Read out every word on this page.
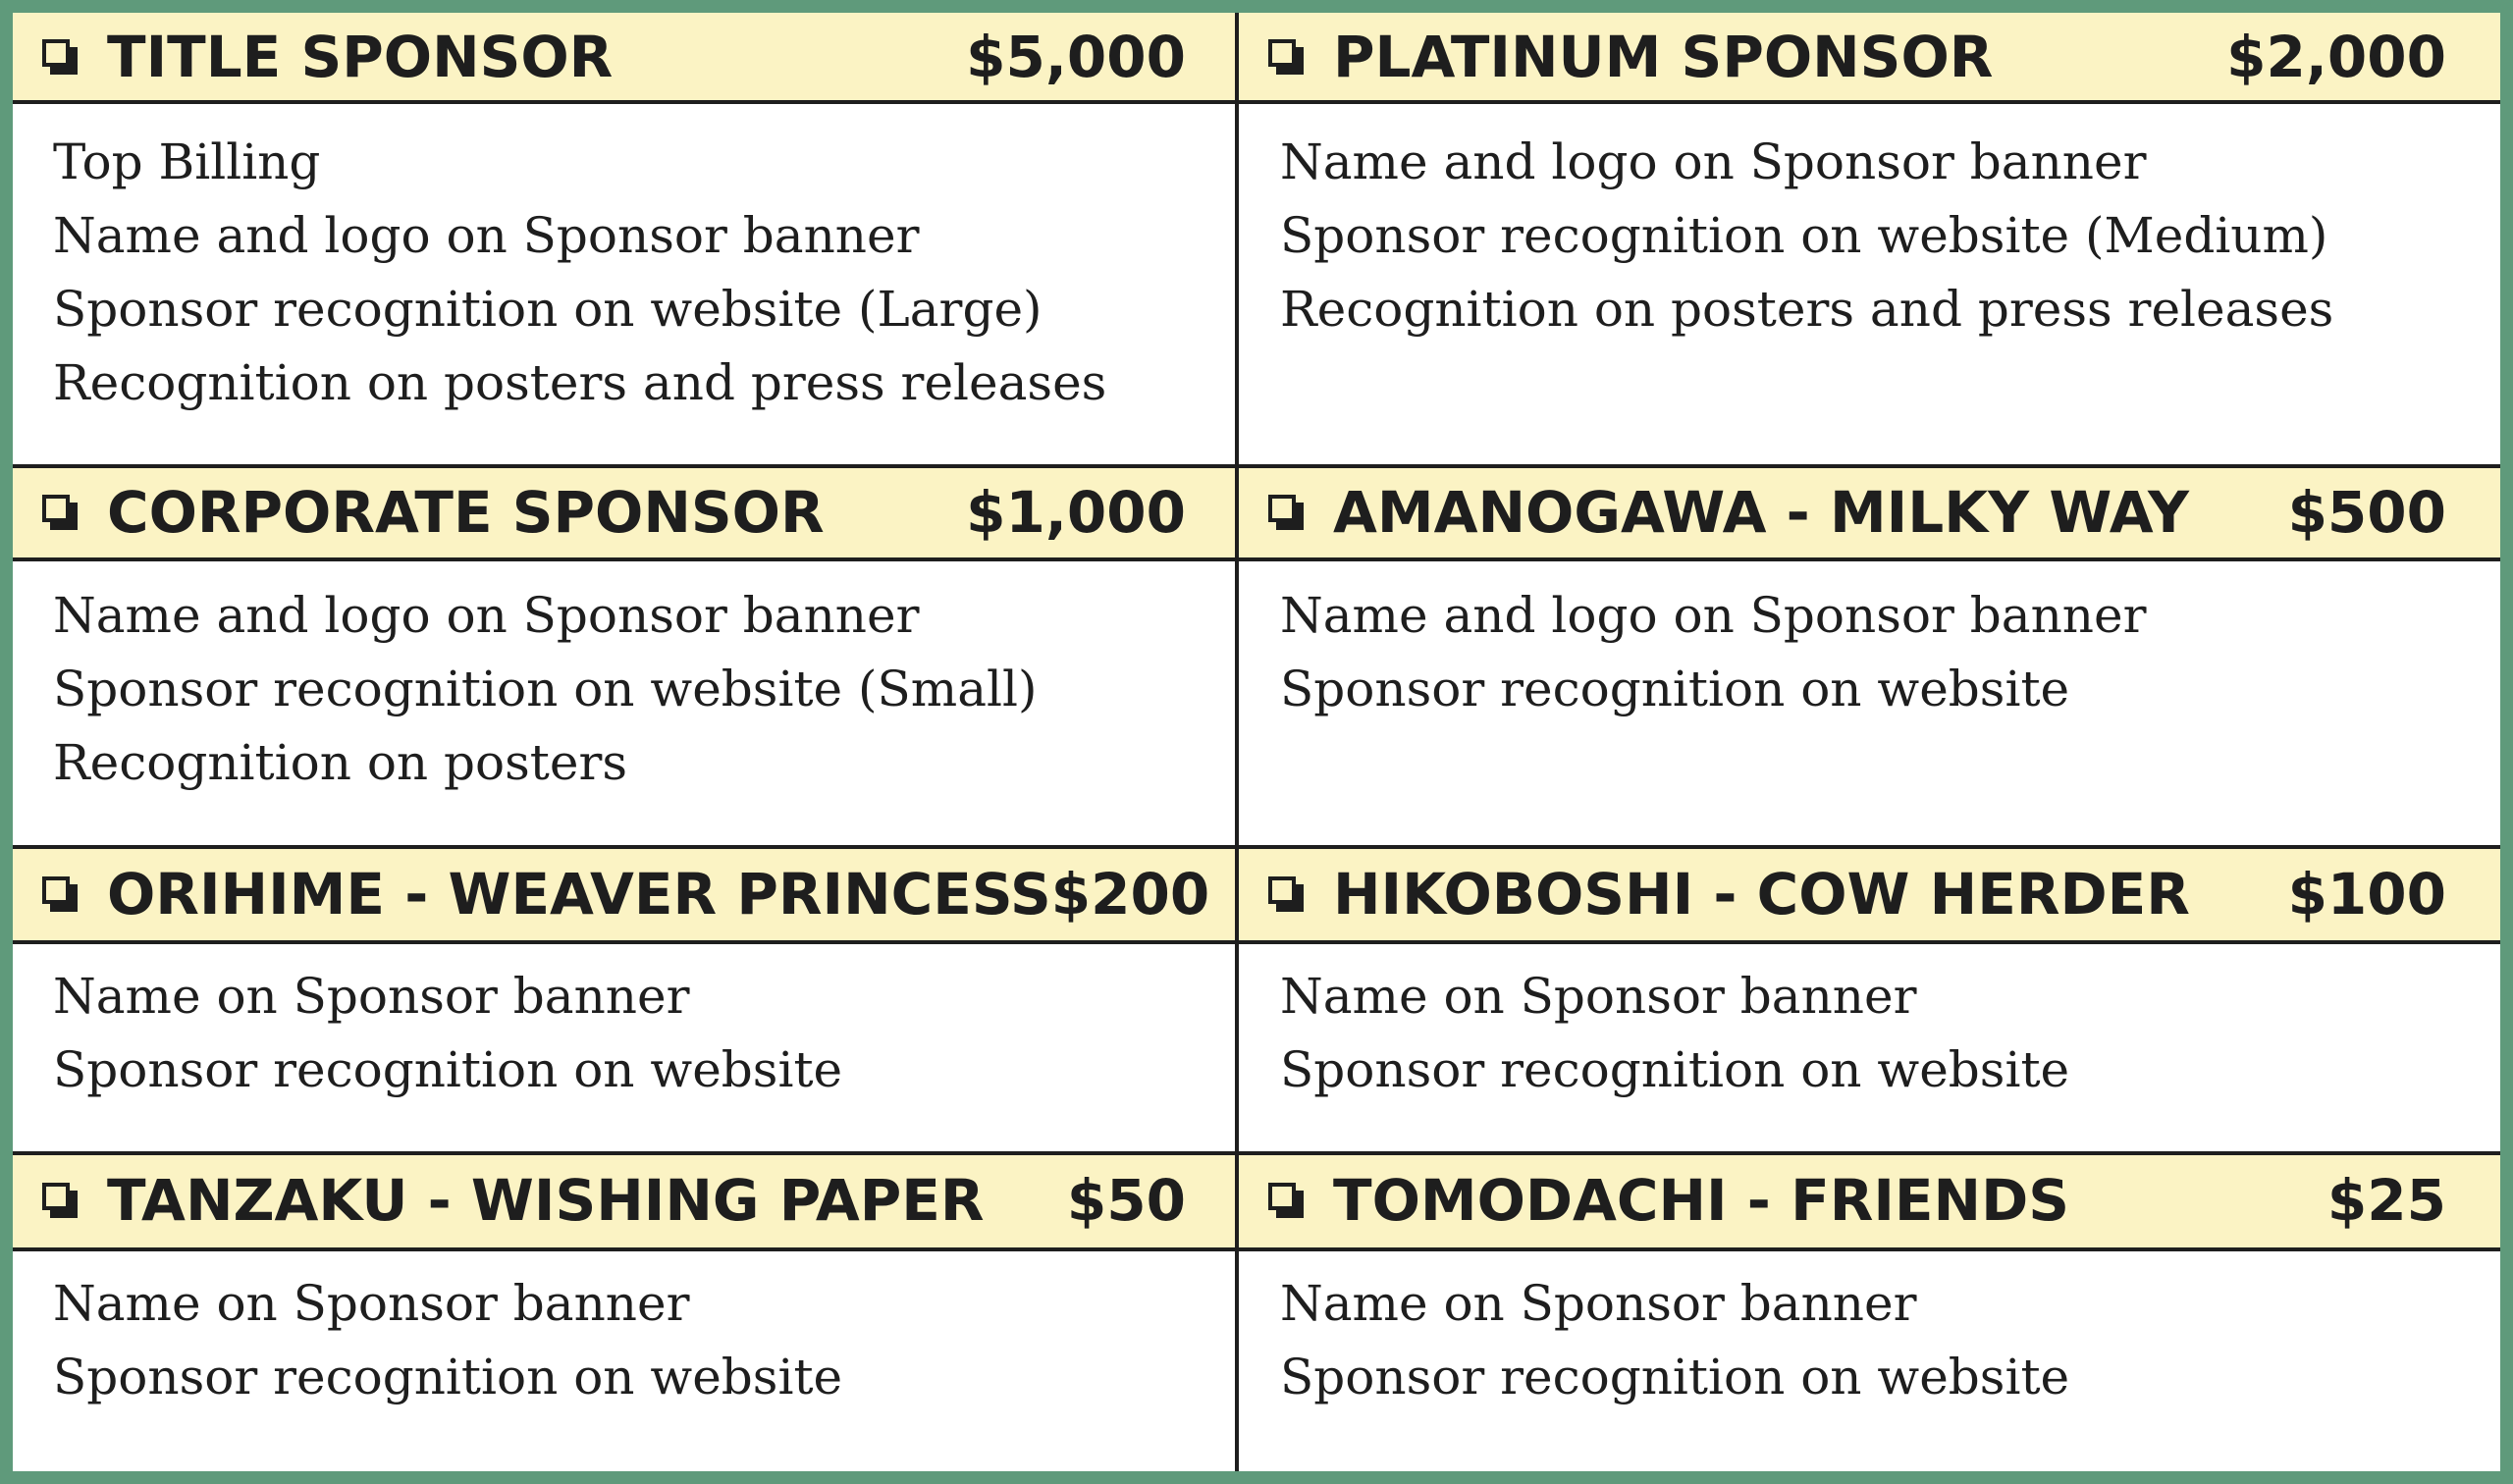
TITLE SPONSOR	$5,000
Top Billing
Name and logo on Sponsor banner
Sponsor recognition on website (Large)
Recognition on posters and press releases
PLATINUM SPONSOR	$2,000
Name and logo on Sponsor banner
Sponsor recognition on website (Medium)
Recognition on posters and press releases
CORPORATE SPONSOR	$1,000
Name and logo on Sponsor banner
Sponsor recognition on website (Small)
Recognition on posters
AMANOGAWA - MILKY WAY	$500
Name and logo on Sponsor banner
Sponsor recognition on website
ORIHIME - WEAVER PRINCESS $200
Name on Sponsor banner
Sponsor recognition on website
HIKOBOSHI - COW HERDER	$100
Name on Sponsor banner
Sponsor recognition on website
TANZAKU - WISHING PAPER	$50
Name on Sponsor banner
Sponsor recognition on website
TOMODACHI - FRIENDS	$25
Name on Sponsor banner
Sponsor recognition on website
